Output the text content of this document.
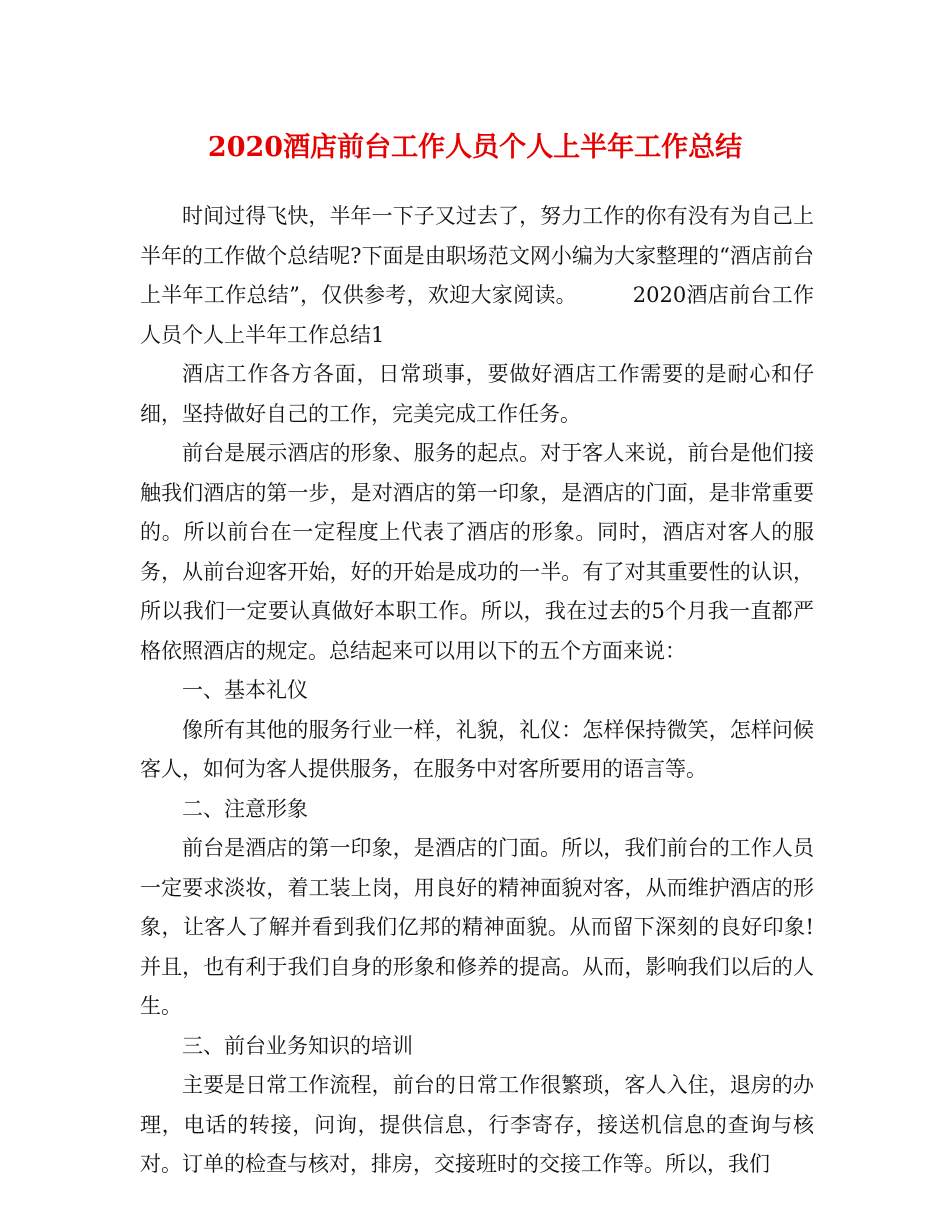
2020酒店前台工作人员个人上半年工作总结

时间过得飞快，半年一下子又过去了，努力工作的你有没有为自己上半年的工作做个总结呢?下面是由职场范文网小编为大家整理的“酒店前台上半年工作总结”，仅供参考，欢迎大家阅读。	2020酒店前台工作人员个人上半年工作总结1

酒店工作各方各面，日常琐事，要做好酒店工作需要的是耐心和仔细，坚持做好自己的工作，完美完成工作任务。

前台是展示酒店的形象、服务的起点。对于客人来说，前台是他们接触我们酒店的第一步，是对酒店的第一印象，是酒店的门面，是非常重要的。所以前台在一定程度上代表了酒店的形象。同时，酒店对客人的服务，从前台迎客开始，好的开始是成功的一半。有了对其重要性的认识，所以我们一定要认真做好本职工作。所以，我在过去的5个月我一直都严格依照酒店的规定。总结起来可以用以下的五个方面来说：

一、基本礼仪

像所有其他的服务行业一样，礼貌，礼仪：怎样保持微笑，怎样问候客人，如何为客人提供服务，在服务中对客所要用的语言等。

二、注意形象

前台是酒店的第一印象，是酒店的门面。所以，我们前台的工作人员一定要求淡妆，着工装上岗，用良好的精神面貌对客，从而维护酒店的形象，让客人了解并看到我们亿邦的精神面貌。从而留下深刻的良好印象!并且，也有利于我们自身的形象和修养的提高。从而，影响我们以后的人生。

三、前台业务知识的培训

主要是日常工作流程，前台的日常工作很繁琐，客人入住，退房的办理，电话的转接，问询，提供信息，行李寄存，接送机信息的查询与核对。订单的检查与核对，排房，交接班时的交接工作等。所以，我们
